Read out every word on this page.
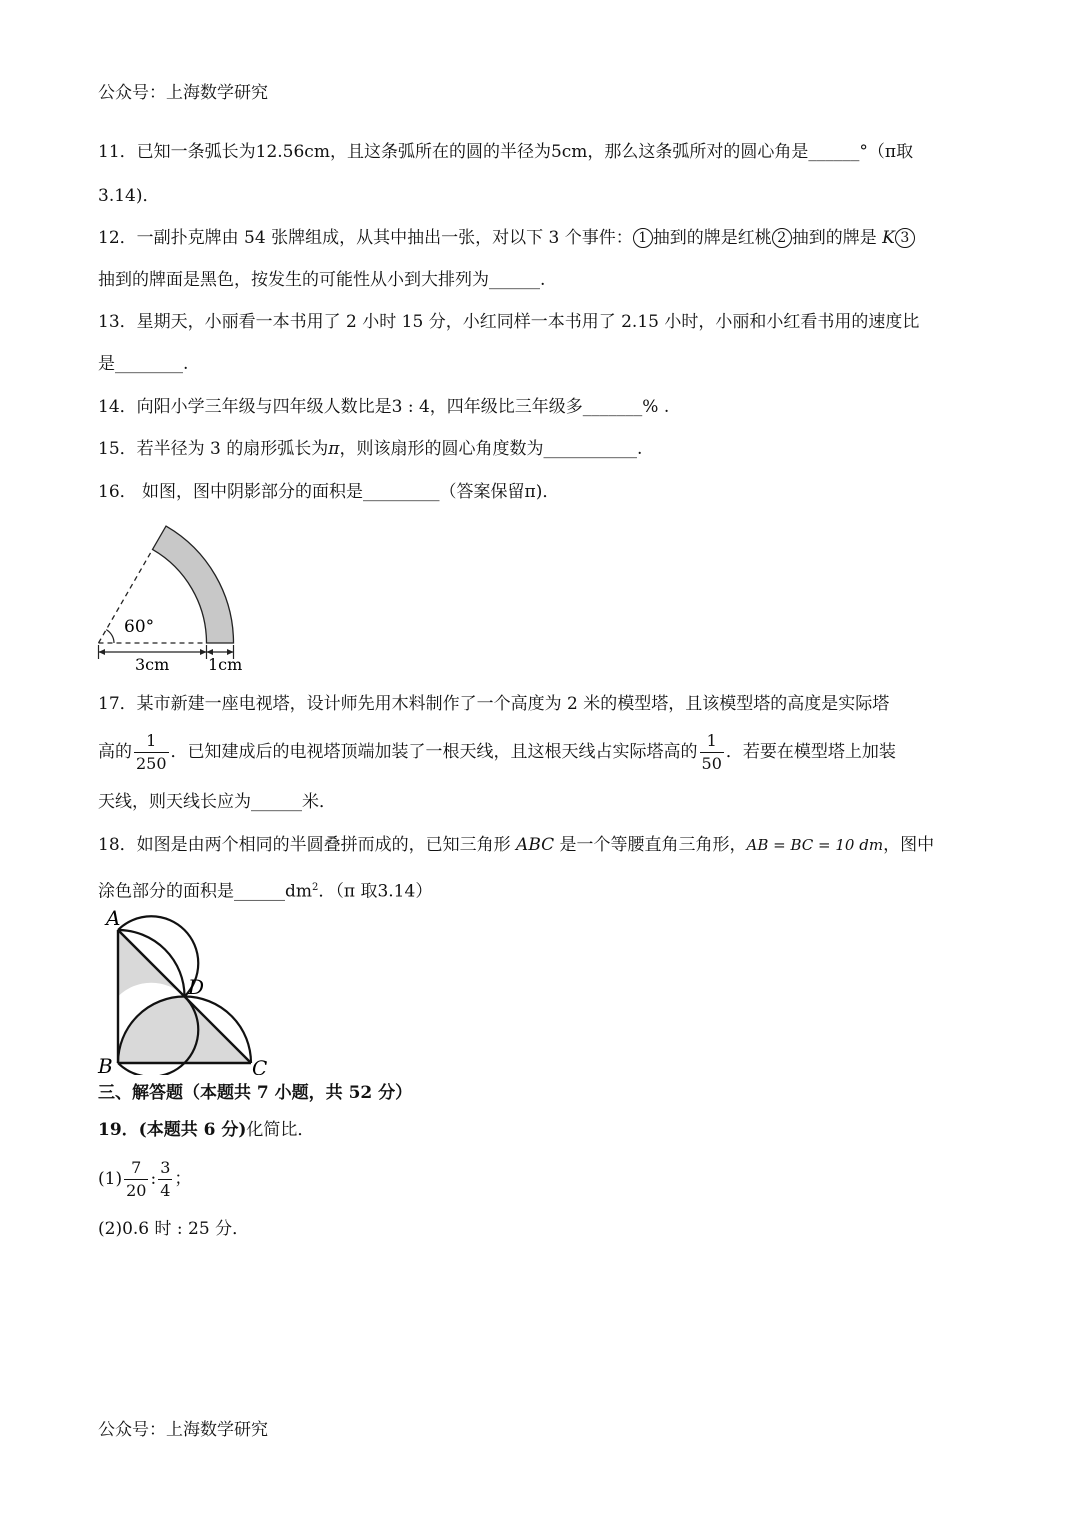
公众号：上海数学研究
11．已知一条弧长为12.56cm，且这条弧所在的圆的半径为5cm，那么这条弧所对的圆心角是______°（π取
3.14)．
12．一副扑克牌由 54 张牌组成，从其中抽出一张，对以下 3 个事件： 1 抽到的牌是红桃 2 抽到的牌是 K 3
抽到的牌面是黑色，按发生的可能性从小到大排列为______.
13．星期天，小丽看一本书用了 2 小时 15 分，小红同样一本书用了 2.15 小时，小丽和小红看书用的速度比
是________.
14．向阳小学三年级与四年级人数比是3 : 4，四年级比三年级多_______% .
15．若半径为 3 的扇形弧长为π，则该扇形的圆心角度数为___________.
16． 如图，图中阴影部分的面积是_________（答案保留π)．
60°
3cm 1cm
17．某市新建一座电视塔，设计师先用木料制作了一个高度为 2 米的模型塔，且该模型塔的高度是实际塔
高的 $\frac{1}{250}$ ．已知建成后的电视塔顶端加装了一根天线，且这根天线占实际塔高的 $\frac{1}{50}$ ．若要在模型塔上加装
天线，则天线长应为______米．
18．如图是由两个相同的半圆叠拼而成的，已知三角形 ABC 是一个等腰直角三角形，AB = BC = 10 dm，图中
涂色部分的面积是$\_\_\_\_\_\_dm^2$．（π 取3.14）
A
B	C
D
三、解答题（本题共 7 小题，共 52 分）
19．(本题共 6 分)化简比．
$(1) \frac{7}{20}$ : $\frac{3}{4}$ ；
(2)0.6 时 : 25 分．
公众号：上海数学研究
